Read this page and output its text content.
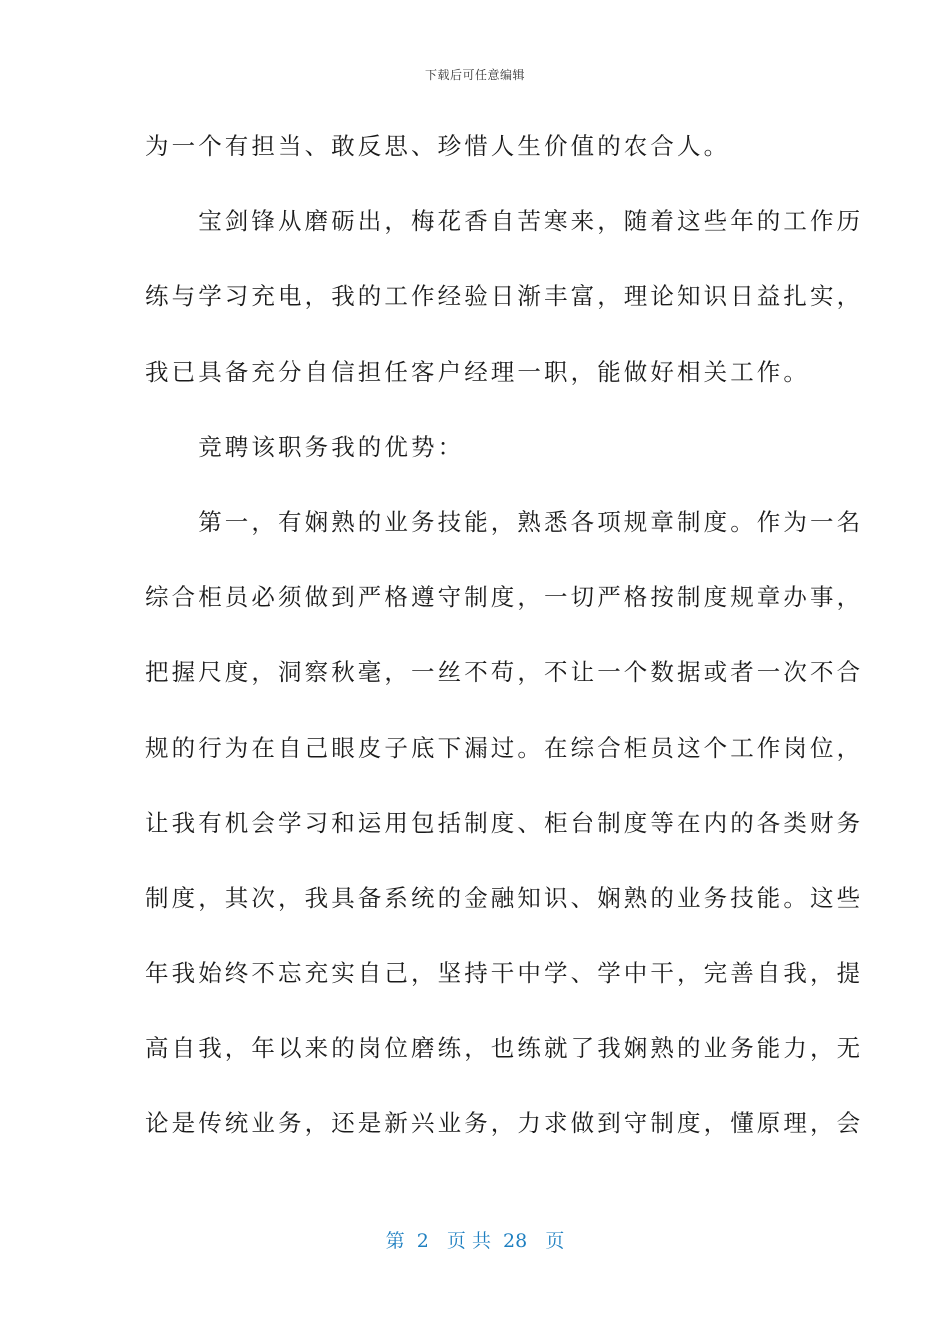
下载后可任意编辑
为一个有担当、敢反思、珍惜人生价值的农合人。
　　宝剑锋从磨砺出，梅花香自苦寒来，随着这些年的工作历
练与学习充电，我的工作经验日渐丰富，理论知识日益扎实，
我已具备充分自信担任客户经理一职，能做好相关工作。
　　竞聘该职务我的优势：
　　第一，有娴熟的业务技能，熟悉各项规章制度。作为一名
综合柜员必须做到严格遵守制度，一切严格按制度规章办事，
把握尺度，洞察秋毫，一丝不苟，不让一个数据或者一次不合
规的行为在自己眼皮子底下漏过。在综合柜员这个工作岗位，
让我有机会学习和运用包括制度、柜台制度等在内的各类财务
制度，其次，我具备系统的金融知识、娴熟的业务技能。这些
年我始终不忘充实自己，坚持干中学、学中干，完善自我，提
高自我，年以来的岗位磨练，也练就了我娴熟的业务能力，无
论是传统业务，还是新兴业务，力求做到守制度，懂原理，会
第  2   页 共  28   页
